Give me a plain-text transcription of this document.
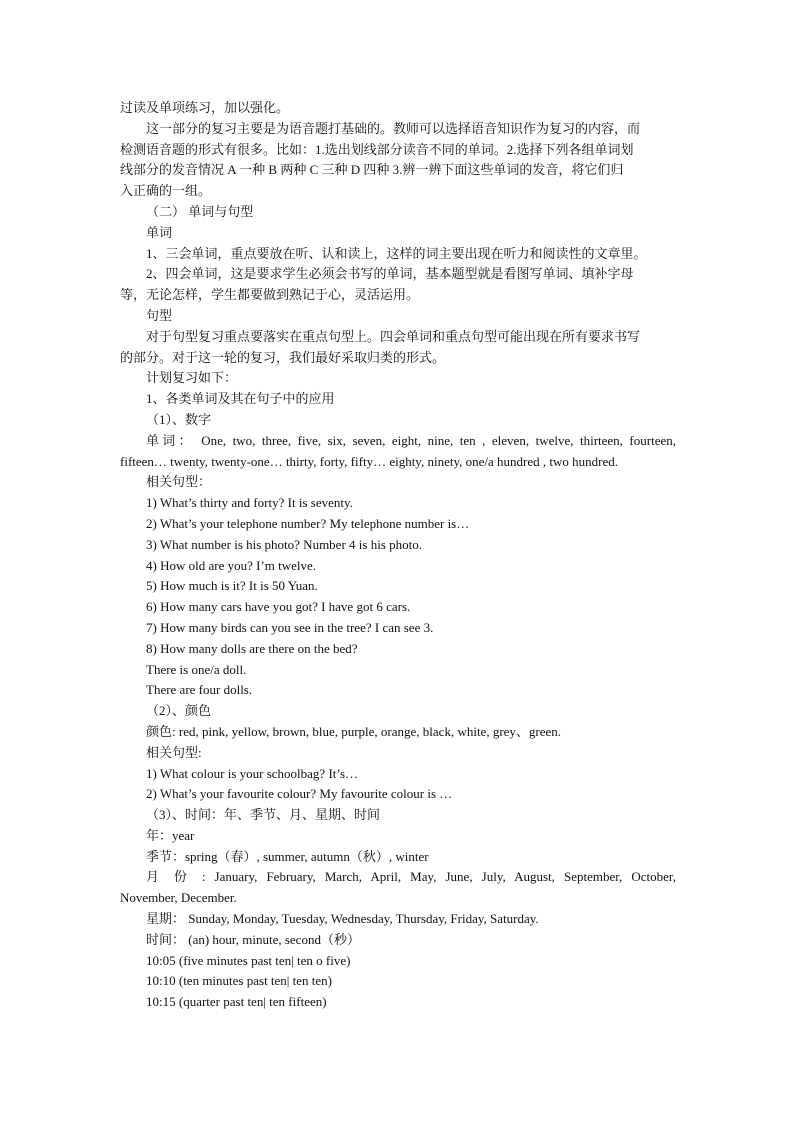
过读及单项练习，加以强化。

这一部分的复习主要是为语音题打基础的。教师可以选择语音知识作为复习的内容，而

检测语音题的形式有很多。比如：1.选出划线部分读音不同的单词。2.选择下列各组单词划

线部分的发音情况 A 一种 B 两种 C 三种 D 四种 3.辨一辨下面这些单词的发音，将它们归

入正确的一组。

（二） 单词与句型

单词

1、三会单词，重点要放在听、认和读上，这样的词主要出现在听力和阅读性的文章里。

2、四会单词，这是要求学生必须会书写的单词，基本题型就是看图写单词、填补字母

等，无论怎样，学生都要做到熟记于心，灵活运用。

句型

对于句型复习重点要落实在重点句型上。四会单词和重点句型可能出现在所有要求书写

的部分。对于这一轮的复习，我们最好采取归类的形式。

计划复习如下：

1、各类单词及其在句子中的应用

（1）、数字

单词： One, two, three, five, six, seven, eight, nine, ten , eleven, twelve, thirteen, fourteen,

fifteen… twenty, twenty-one… thirty, forty, fifty… eighty, ninety, one/a hundred , two hundred.

相关句型：

1) What’s thirty and forty? It is seventy.

2) What’s your telephone number? My telephone number is…

3) What number is his photo? Number 4 is his photo.

4) How old are you? I’m twelve.

5) How much is it? It is 50 Yuan.

6) How many cars have you got? I have got 6 cars.

7) How many birds can you see in the tree? I can see 3.

8) How many dolls are there on the bed?

There is one/a doll.

There are four dolls.

（2）、颜色

颜色: red, pink, yellow, brown, blue, purple, orange, black, white, grey、green.

相关句型:

1) What colour is your schoolbag? It’s…

2) What’s your favourite colour? My favourite colour is …

（3）、时间：年、季节、月、星期、时间

年：year

季节：spring（春）, summer, autumn（秋）, winter

月 份 : January, February, March, April, May, June, July, August, September, October,

November, December.

星期： Sunday, Monday, Tuesday, Wednesday, Thursday, Friday, Saturday.

时间： (an) hour, minute, second（秒）

10:05 (five minutes past ten| ten o five)

10:10 (ten minutes past ten| ten ten)

10:15 (quarter past ten| ten fifteen)
